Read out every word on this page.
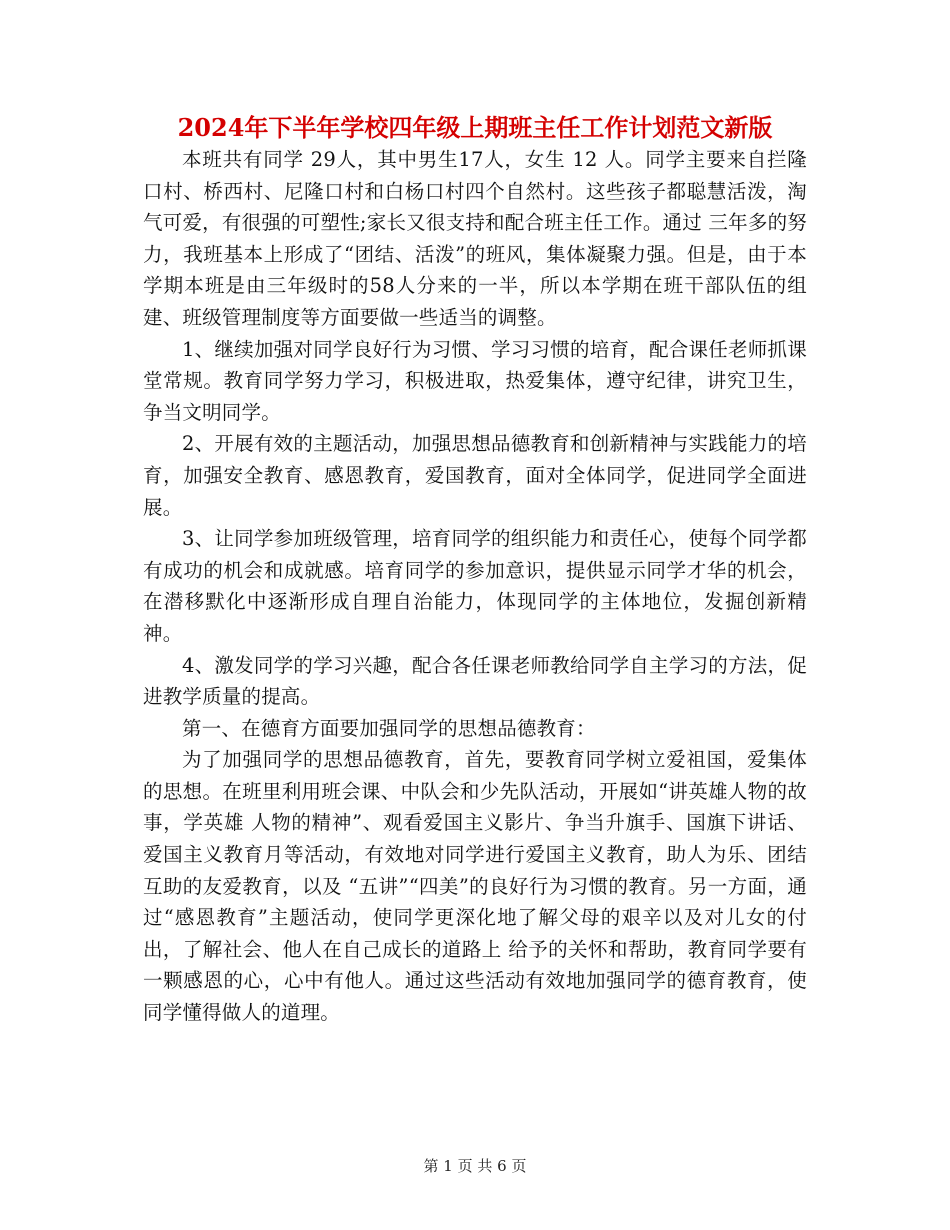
2024年下半年学校四年级上期班主任工作计划范文新版

本班共有同学 29人，其中男生17人，女生 12 人。同学主要来自拦隆口村、桥西村、尼隆口村和白杨口村四个自然村。这些孩子都聪慧活泼，淘气可爱，有很强的可塑性;家长又很支持和配合班主任工作。通过 三年多的努力，我班基本上形成了“团结、活泼”的班风，集体凝聚力强。但是，由于本学期本班是由三年级时的58人分来的一半，所以本学期在班干部队伍的组 建、班级管理制度等方面要做一些适当的调整。

1、继续加强对同学良好行为习惯、学习习惯的培育，配合课任老师抓课堂常规。教育同学努力学习，积极进取，热爱集体，遵守纪律，讲究卫生，争当文明同学。

2、开展有效的主题活动，加强思想品德教育和创新精神与实践能力的培育，加强安全教育、感恩教育，爱国教育，面对全体同学，促进同学全面进展。

3、让同学参加班级管理，培育同学的组织能力和责任心，使每个同学都有成功的机会和成就感。培育同学的参加意识，提供显示同学才华的机会，在潜移默化中逐渐形成自理自治能力，体现同学的主体地位，发掘创新精神。

4、激发同学的学习兴趣，配合各任课老师教给同学自主学习的方法，促进教学质量的提高。

第一、在德育方面要加强同学的思想品德教育：

为了加强同学的思想品德教育，首先，要教育同学树立爱祖国，爱集体的思想。在班里利用班会课、中队会和少先队活动，开展如“讲英雄人物的故事，学英雄 人物的精神”、观看爱国主义影片、争当升旗手、国旗下讲话、爱国主义教育月等活动，有效地对同学进行爱国主义教育，助人为乐、团结互助的友爱教育，以及 “五讲”“四美”的良好行为习惯的教育。另一方面，通过“感恩教育”主题活动，使同学更深化地了解父母的艰辛以及对儿女的付出，了解社会、他人在自己成长的道路上 给予的关怀和帮助，教育同学要有一颗感恩的心，心中有他人。通过这些活动有效地加强同学的德育教育，使同学懂得做人的道理。

第 1 页 共 6 页
